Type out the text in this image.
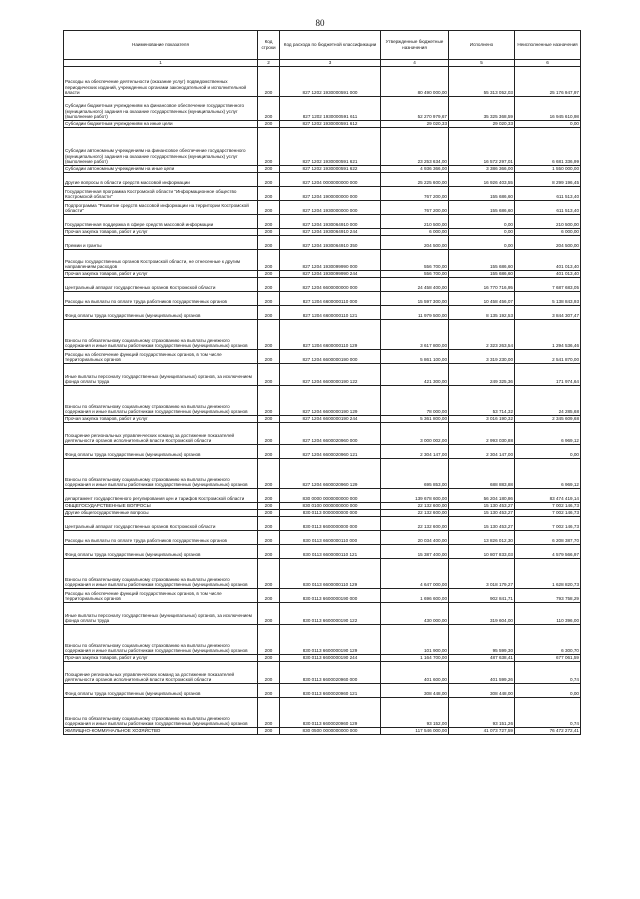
80
Наименование показателя	Код строки	Код расхода по бюджетной классификации	Утвержденные бюджетные назначения	Исполнено	Неисполненные назначения
1	2	3	4	5	6
Расходы на обеспечение деятельности (оказание услуг) подведомственных периодических изданий, учрежденных органами законодательной и исполнительной власти	200	827 1202 1930000591 000	80 490 000,00	55 313 052,03	25 176 947,97
Субсидии бюджетным учреждениям на финансовое обеспечение государственного (муниципального) задания на оказание государственных (муниципальных) услуг (выполнение работ)	200	827 1202 1930000591 611	52 270 979,67	35 325 368,59	16 945 610,98
Субсидии бюджетным учреждениям на иные цели	200	827 1202 1930000591 612	29 020,33	29 020,33	0,00
Субсидии автономным учреждениям на финансовое обеспечение государственного (муниципального) задания на оказание государственных (муниципальных) услуг (выполнение работ)	200	827 1202 1930000591 621	23 253 634,00	16 572 297,01	6 681 336,99
Субсидии автономным учреждениям на иные цели	200	827 1202 1930000591 622	4 936 366,00	3 386 366,00	1 550 000,00
Другие вопросы в области средств массовой информации	200	827 1204 0000000000 000	25 225 600,00	16 926 403,55	8 299 196,45
Государственная программа Костромской области "Информационное общество Костромской области"	200	827 1204 1900000000 000	767 200,00	155 686,60	611 513,40
Подпрограмма "Развитие средств массовой информации на территории Костромской области"	200	827 1204 1930000000 000	767 200,00	155 686,60	611 513,40
Государственная поддержка в сфере средств массовой информации	200	827 1204 1930064910 000	210 500,00	0,00	210 500,00
Прочая закупка товаров, работ и услуг	200	827 1204 1930064910 244	6 000,00	0,00	6 000,00
Премии и гранты	200	827 1204 1930064910 350	204 500,00	0,00	204 500,00
Расходы государственных органов Костромской области, не отнесенные к другим направлениям расходов	200	827 1204 1930099990 000	556 700,00	155 686,60	401 013,40
Прочая закупка товаров, работ и услуг	200	827 1204 1930099990 244	556 700,00	155 686,60	401 013,40
Центральный аппарат государственных органов Костромской области	200	827 1204 6600000000 000	24 458 400,00	16 770 716,95	7 687 683,05
Расходы на выплаты по оплате труда работников государственных органов	200	827 1204 6600000110 000	15 597 300,00	10 458 456,07	5 138 843,93
Фонд оплаты труда государственных (муниципальных) органов	200	827 1204 6600000110 121	11 979 500,00	8 135 192,53	3 844 307,47
Взносы по обязательному социальному страхованию на выплаты денежного содержания и иные выплаты работникам государственных (муниципальных) органов	200	827 1204 6600000110 129	3 617 800,00	2 323 263,54	1 294 536,46
Расходы на обеспечение функций государственных органов, в том числе территориальных органов	200	827 1204 6600000190 000	5 861 100,00	3 319 230,00	2 541 870,00
Иные выплаты персоналу государственных (муниципальных) органов, за исключением фонда оплаты труда	200	827 1204 6600000190 122	421 300,00	249 325,36	171 974,64
Взносы по обязательному социальному страхованию на выплаты денежного содержания и иные выплаты работникам государственных (муниципальных) органов	200	827 1204 6600000190 129	78 000,00	53 714,32	24 285,68
Прочая закупка товаров, работ и услуг	200	827 1204 6600000190 244	5 361 800,00	3 016 190,32	2 345 609,68
Поощрение региональных управленческих команд за достижение показателей деятельности органов исполнительной власти Костромской области	200	827 1204 6600020960 000	3 000 002,00	2 993 030,88	6 969,12
Фонд оплаты труда государственных (муниципальных) органов	200	827 1204 6600020960 121	2 304 147,00	2 304 147,00	0,00
Взносы по обязательному социальному страхованию на выплаты денежного содержания и иные выплаты работникам государственных (муниципальных) органов	200	827 1204 6600020960 129	695 853,00	688 883,88	6 969,12
департамент государственного регулирования цен и тарифов Костромской области	200	830 0000 0000000000 000	139 678 600,00	56 204 180,86	83 474 419,14
ОБЩЕГОСУДАРСТВЕННЫЕ ВОПРОСЫ	200	830 0100 0000000000 000	22 132 600,00	15 130 453,27	7 002 146,73
Другие общегосударственные вопросы	200	830 0113 0000000000 000	22 132 600,00	15 130 453,27	7 002 146,73
Центральный аппарат государственных органов Костромской области	200	830 0113 6600000000 000	22 132 600,00	15 130 453,27	7 002 146,73
Расходы на выплаты по оплате труда работников государственных органов	200	830 0113 6600000110 000	20 034 400,00	13 826 012,30	6 208 387,70
Фонд оплаты труда государственных (муниципальных) органов	200	830 0113 6600000110 121	15 387 400,00	10 807 833,03	4 579 566,97
Взносы по обязательному социальному страхованию на выплаты денежного содержания и иные выплаты работникам государственных (муниципальных) органов	200	830 0113 6600000110 129	4 647 000,00	3 018 179,27	1 628 820,73
Расходы на обеспечение функций государственных органов, в том числе территориальных органов	200	830 0113 6600000190 000	1 696 600,00	902 841,71	793 758,29
Иные выплаты персоналу государственных (муниципальных) органов, за исключением фонда оплаты труда	200	830 0113 6600000190 122	430 000,00	319 604,00	110 396,00
Взносы по обязательному социальному страхованию на выплаты денежного содержания и иные выплаты работникам государственных (муниципальных) органов	200	830 0113 6600000190 129	101 900,00	95 599,30	6 300,70
Прочая закупка товаров, работ и услуг	200	830 0113 6600000190 244	1 164 700,00	487 638,41	677 061,59
Поощрение региональных управленческих команд за достижение показателей деятельности органов исполнительной власти Костромской области	200	830 0113 6600020960 000	401 600,00	401 599,26	0,74
Фонд оплаты труда государственных (муниципальных) органов	200	830 0113 6600020960 121	308 448,00	308 448,00	0,00
Взносы по обязательному социальному страхованию на выплаты денежного содержания и иные выплаты работникам государственных (муниципальных) органов	200	830 0113 6600020960 129	93 152,00	93 151,26	0,74
ЖИЛИЩНО-КОММУНАЛЬНОЕ ХОЗЯЙСТВО	200	830 0500 0000000000 000	117 546 000,00	41 073 727,59	76 472 272,41
